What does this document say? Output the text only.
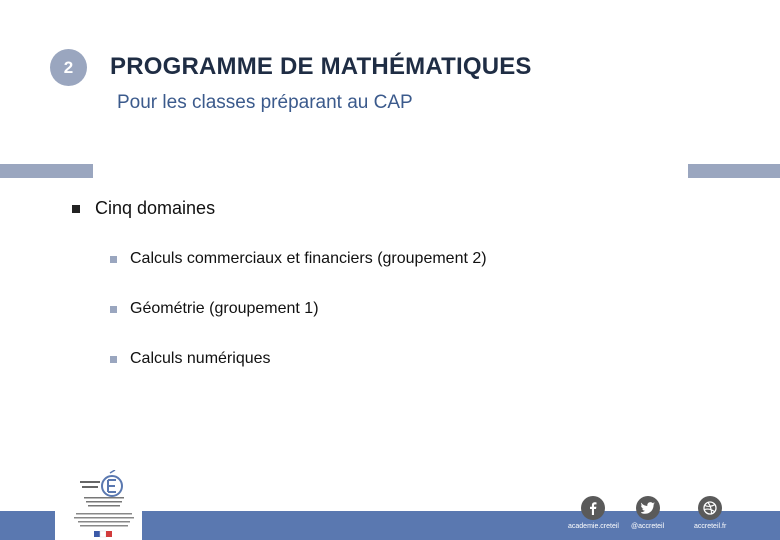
2	PROGRAMME DE MATHÉMATIQUES
Pour les classes préparant au CAP
Cinq domaines
Calculs commerciaux et financiers (groupement 2)
Géométrie (groupement 1)
Calculs numériques
academie.creteil @accreteil	accreteil.fr
